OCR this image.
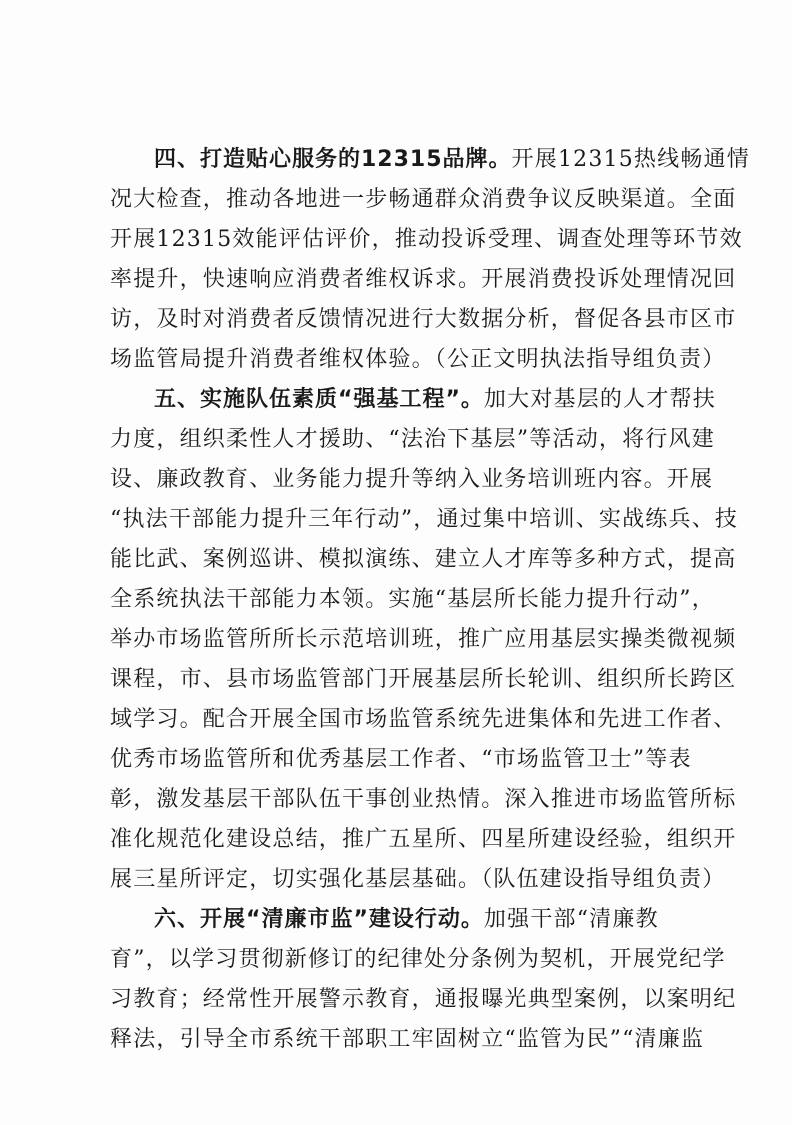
四、打造贴心服务的12315品牌。开展12315热线畅通情
况大检查，推动各地进一步畅通群众消费争议反映渠道。全面
开展12315效能评估评价，推动投诉受理、调查处理等环节效
率提升，快速响应消费者维权诉求。开展消费投诉处理情况回
访，及时对消费者反馈情况进行大数据分析，督促各县市区市
场监管局提升消费者维权体验。（公正文明执法指导组负责）
五、实施队伍素质“强基工程”。加大对基层的人才帮扶
力度，组织柔性人才援助、“法治下基层”等活动，将行风建
设、廉政教育、业务能力提升等纳入业务培训班内容。开展
“执法干部能力提升三年行动”，通过集中培训、实战练兵、技
能比武、案例巡讲、模拟演练、建立人才库等多种方式，提高
全系统执法干部能力本领。实施“基层所长能力提升行动”，
举办市场监管所所长示范培训班，推广应用基层实操类微视频
课程，市、县市场监管部门开展基层所长轮训、组织所长跨区
域学习。配合开展全国市场监管系统先进集体和先进工作者、
优秀市场监管所和优秀基层工作者、“市场监管卫士”等表
彰，激发基层干部队伍干事创业热情。深入推进市场监管所标
准化规范化建设总结，推广五星所、四星所建设经验，组织开
展三星所评定，切实强化基层基础。（队伍建设指导组负责）
六、开展“清廉市监”建设行动。加强干部“清廉教
育”，以学习贯彻新修订的纪律处分条例为契机，开展党纪学
习教育；经常性开展警示教育，通报曝光典型案例，以案明纪
释法，引导全市系统干部职工牢固树立“监管为民”“清廉监
